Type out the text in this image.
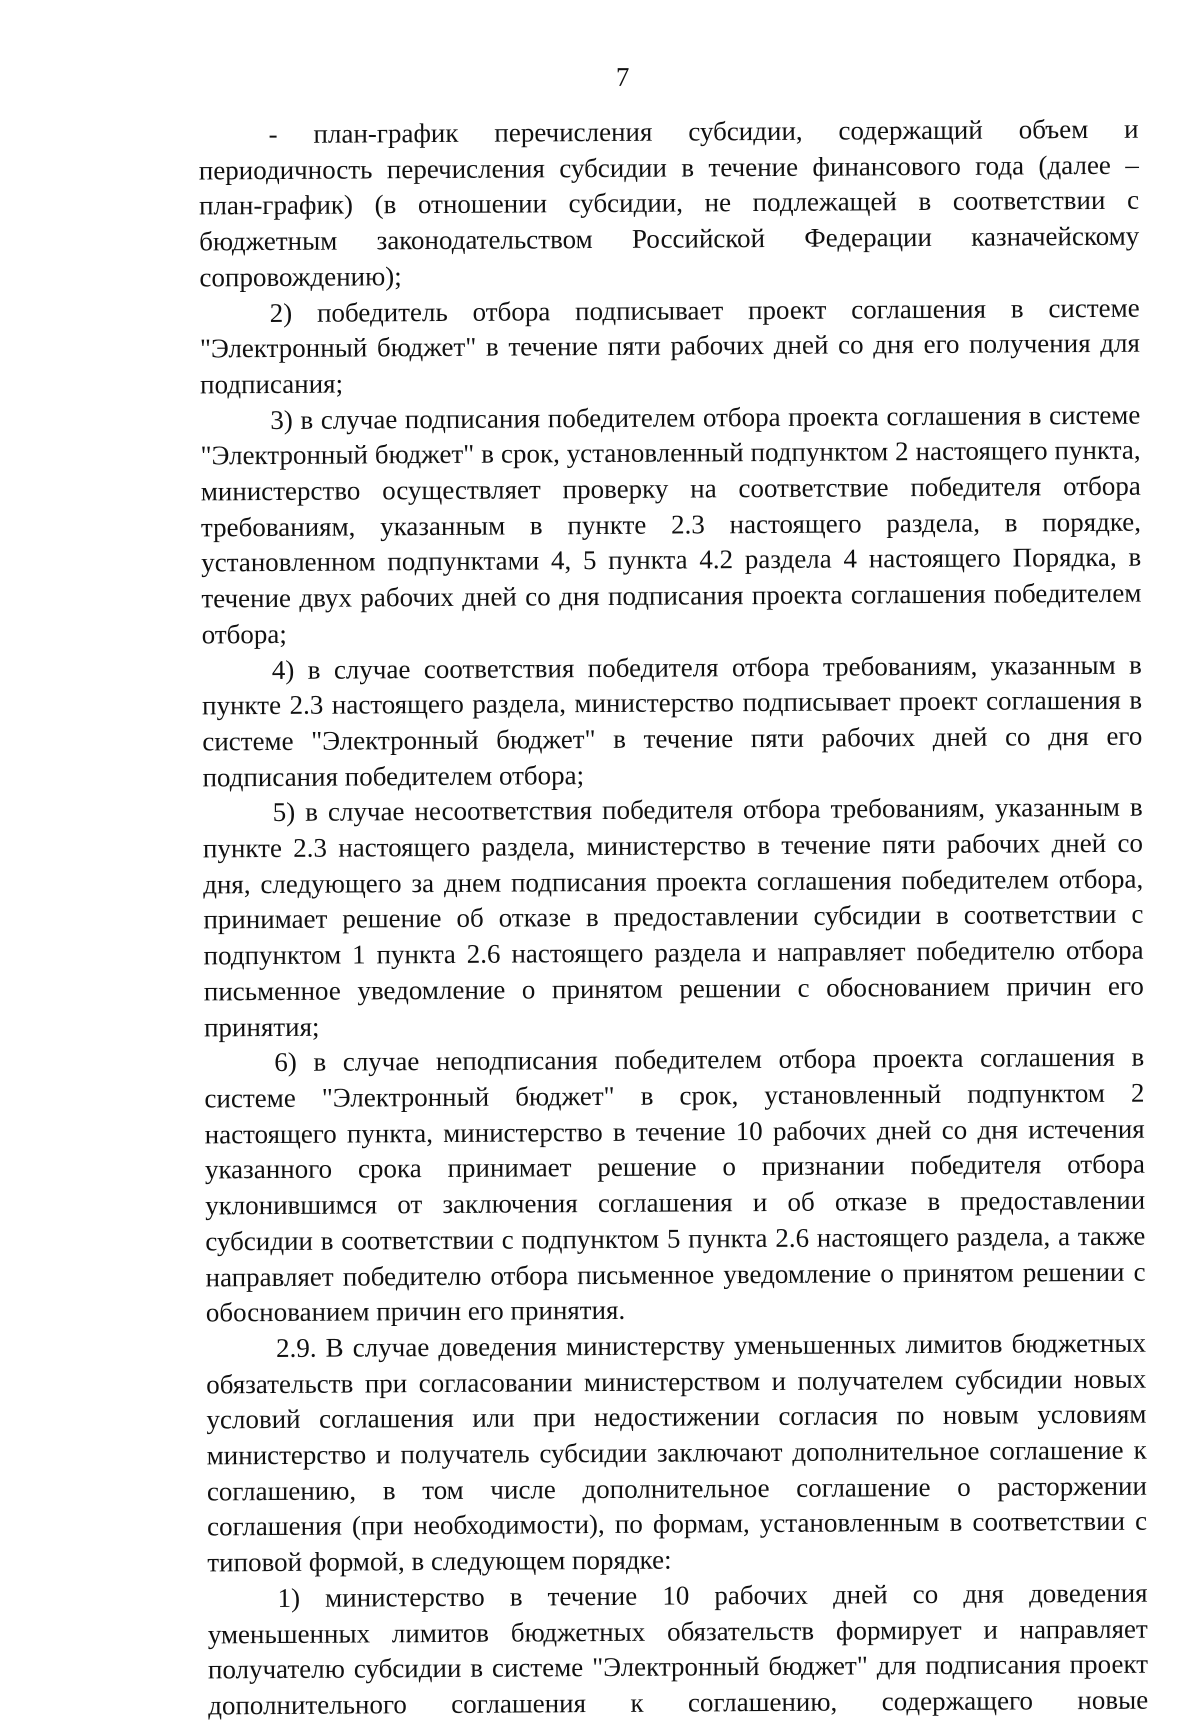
7

- план-график перечисления субсидии, содержащий объем и периодичность перечисления субсидии в течение финансового года (далее – план-график) (в отношении субсидии, не подлежащей в соответствии с бюджетным законодательством Российской Федерации казначейскому сопровождению);

2) победитель отбора подписывает проект соглашения в системе "Электронный бюджет" в течение пяти рабочих дней со дня его получения для подписания;

3) в случае подписания победителем отбора проекта соглашения в системе "Электронный бюджет" в срок, установленный подпунктом 2 настоящего пункта, министерство осуществляет проверку на соответствие победителя отбора требованиям, указанным в пункте 2.3 настоящего раздела, в порядке, установленном подпунктами 4, 5 пункта 4.2 раздела 4 настоящего Порядка, в течение двух рабочих дней со дня подписания проекта соглашения победителем отбора;

4) в случае соответствия победителя отбора требованиям, указанным в пункте 2.3 настоящего раздела, министерство подписывает проект соглашения в системе "Электронный бюджет" в течение пяти рабочих дней со дня его подписания победителем отбора;

5) в случае несоответствия победителя отбора требованиям, указанным в пункте 2.3 настоящего раздела, министерство в течение пяти рабочих дней со дня, следующего за днем подписания проекта соглашения победителем отбора, принимает решение об отказе в предоставлении субсидии в соответствии с подпунктом 1 пункта 2.6 настоящего раздела и направляет победителю отбора письменное уведомление о принятом решении с обоснованием причин его принятия;

6) в случае неподписания победителем отбора проекта соглашения в системе "Электронный бюджет" в срок, установленный подпунктом 2 настоящего пункта, министерство в течение 10 рабочих дней со дня истечения указанного срока принимает решение о признании победителя отбора уклонившимся от заключения соглашения и об отказе в предоставлении субсидии в соответствии с подпунктом 5 пункта 2.6 настоящего раздела, а также направляет победителю отбора письменное уведомление о принятом решении с обоснованием причин его принятия.

2.9. В случае доведения министерству уменьшенных лимитов бюджетных обязательств при согласовании министерством и получателем субсидии новых условий соглашения или при недостижении согласия по новым условиям министерство и получатель субсидии заключают дополнительное соглашение к соглашению, в том числе дополнительное соглашение о расторжении соглашения (при необходимости), по формам, установленным в соответствии с типовой формой, в следующем порядке:

1) министерство в течение 10 рабочих дней со дня доведения уменьшенных лимитов бюджетных обязательств формирует и направляет получателю субсидии в системе "Электронный бюджет" для подписания проект дополнительного соглашения к соглашению, содержащего новые
